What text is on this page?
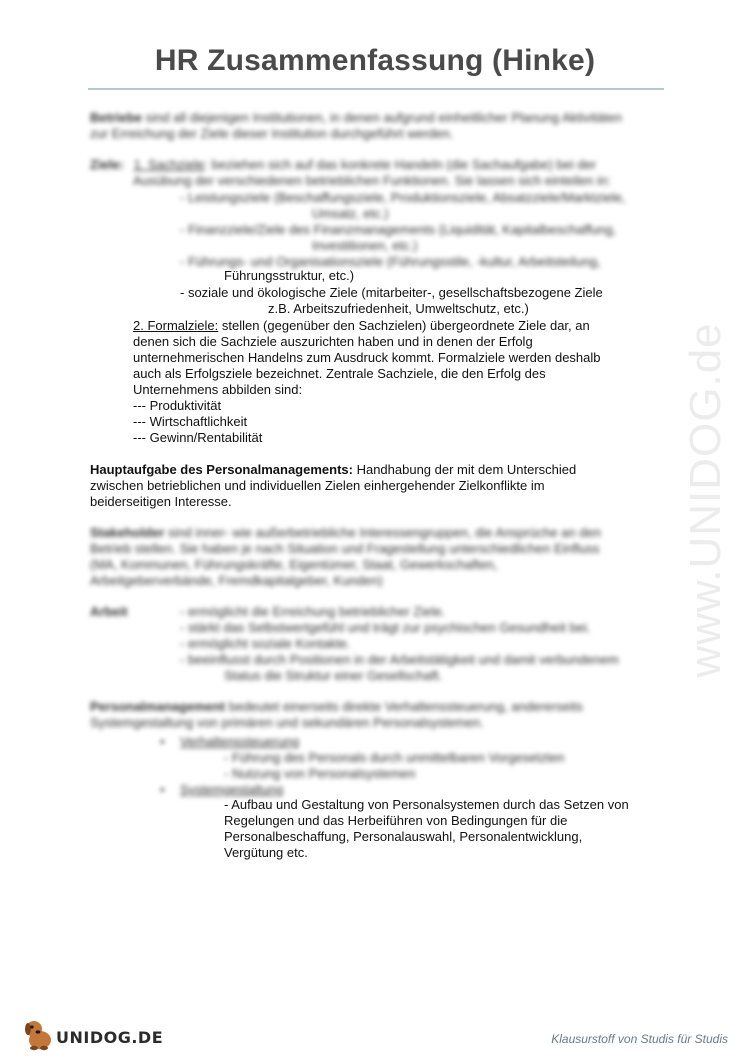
HR Zusammenfassung (Hinke)
www.UNIDOG.de
Betriebe sind all diejenigen Institutionen, in denen aufgrund einheitlicher Planung Aktivitäten
zur Erreichung der Ziele dieser Institution durchgeführt werden.
Ziele: 1. Sachziele: beziehen sich auf das konkrete Handeln (die Sachaufgabe) bei der
Ausübung der verschiedenen betrieblichen Funktionen. Sie lassen sich einteilen in:
- Leistungsziele (Beschaffungsziele, Produktionsziele, Absatzziele/Marktziele,
Umsatz, etc.)
- Finanzziele/Ziele des Finanzmanagements (Liquidität, Kapitalbeschaffung,
Investitionen, etc.)
- Führungs- und Organisationsziele (Führungsstile, -kultur, Arbeitsteilung,
Führungsstruktur, etc.)
- soziale und ökologische Ziele (mitarbeiter-, gesellschaftsbezogene Ziele
z.B. Arbeitszufriedenheit, Umweltschutz, etc.)
2. Formalziele: stellen (gegenüber den Sachzielen) übergeordnete Ziele dar, an
denen sich die Sachziele auszurichten haben und in denen der Erfolg
unternehmerischen Handelns zum Ausdruck kommt. Formalziele werden deshalb
auch als Erfolgsziele bezeichnet. Zentrale Sachziele, die den Erfolg des
Unternehmens abbilden sind:
--- Produktivität
--- Wirtschaftlichkeit
--- Gewinn/Rentabilität
Hauptaufgabe des Personalmanagements: Handhabung der mit dem Unterschied
zwischen betrieblichen und individuellen Zielen einhergehender Zielkonflikte im
beiderseitigen Interesse.
Stakeholder sind inner- wie außerbetriebliche Interessengruppen, die Ansprüche an den
Betrieb stellen. Sie haben je nach Situation und Fragestellung unterschiedlichen Einfluss
(MA, Kommunen, Führungskräfte, Eigentümer, Staat, Gewerkschaften,
Arbeitgeberverbände, Fremdkapitalgeber, Kunden)
Arbeit	- ermöglicht die Erreichung betrieblicher Ziele.
- stärkt das Selbstwertgefühl und trägt zur psychischen Gesundheit bei.
- ermöglicht soziale Kontakte.
- beeinflusst durch Positionen in der Arbeitstätigkeit und damit verbundenem
Status die Struktur einer Gesellschaft.
Personalmanagement bedeutet einerseits direkte Verhaltenssteuerung, andererseits
Systemgestaltung von primären und sekundären Personalsystemen.
• Verhaltenssteuerung
- Führung des Personals durch unmittelbaren Vorgesetzten
- Nutzung von Personalsystemen
• Systemgestaltung
- Aufbau und Gestaltung von Personalsystemen durch das Setzen von
Regelungen und das Herbeiführen von Bedingungen für die
Personalbeschaffung, Personalauswahl, Personalentwicklung,
Vergütung etc.
UNIDOG.DE	Klausurstoff von Studis für Studis
